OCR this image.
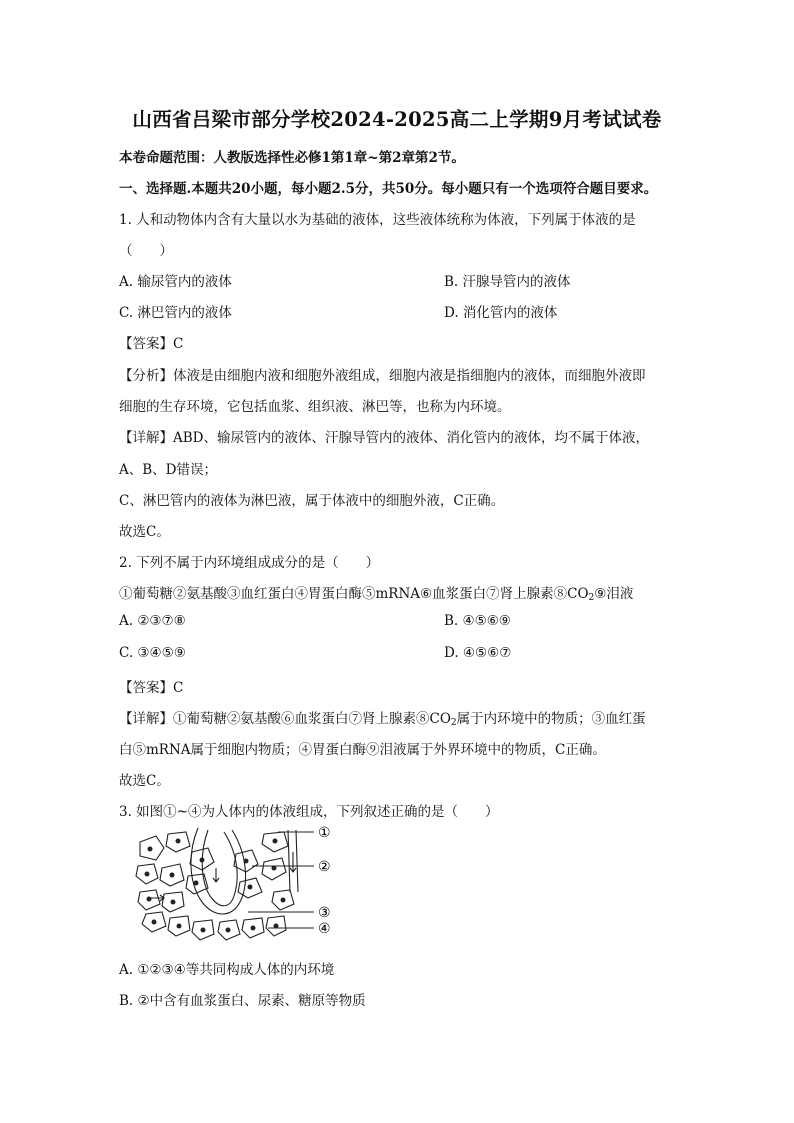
山西省吕梁市部分学校2024-2025高二上学期9月考试试卷
本卷命题范围：人教版选择性必修1第1章~第2章第2节。
一、选择题.本题共20小题，每小题2.5分，共50分。每小题只有一个选项符合题目要求。
1. 人和动物体内含有大量以水为基础的液体，这些液体统称为体液，下列属于体液的是
（　　）
A. 输尿管内的液体	B. 汗腺导管内的液体
C. 淋巴管内的液体	D. 消化管内的液体
【答案】C
【分析】体液是由细胞内液和细胞外液组成，细胞内液是指细胞内的液体，而细胞外液即
细胞的生存环境，它包括血浆、组织液、淋巴等，也称为内环境。
【详解】ABD、输尿管内的液体、汗腺导管内的液体、消化管内的液体，均不属于体液，
A、B、D错误；
C、淋巴管内的液体为淋巴液，属于体液中的细胞外液，C正确。
故选C。
2. 下列不属于内环境组成成分的是（　　）
①葡萄糖②氨基酸③血红蛋白④胃蛋白酶⑤mRNA⑥血浆蛋白⑦肾上腺素$⑧CO_2⑨$泪液
A. ②③⑦⑧	B. ④⑤⑥⑨
C. ③④⑤⑨	D. ④⑤⑥⑦
【答案】C
【详解】①葡萄糖②氨基酸⑥血浆蛋白⑦肾上腺素$⑧CO_2$属于内环境中的物质；③血红蛋
白⑤mRNA属于细胞内物质；④胃蛋白酶⑨泪液属于外界环境中的物质，C正确。
故选C。
3. 如图①~④为人体内的体液组成，下列叙述正确的是（　　）
①
②
③
④
A. ①②③④等共同构成人体的内环境
B. ②中含有血浆蛋白、尿素、糖原等物质
